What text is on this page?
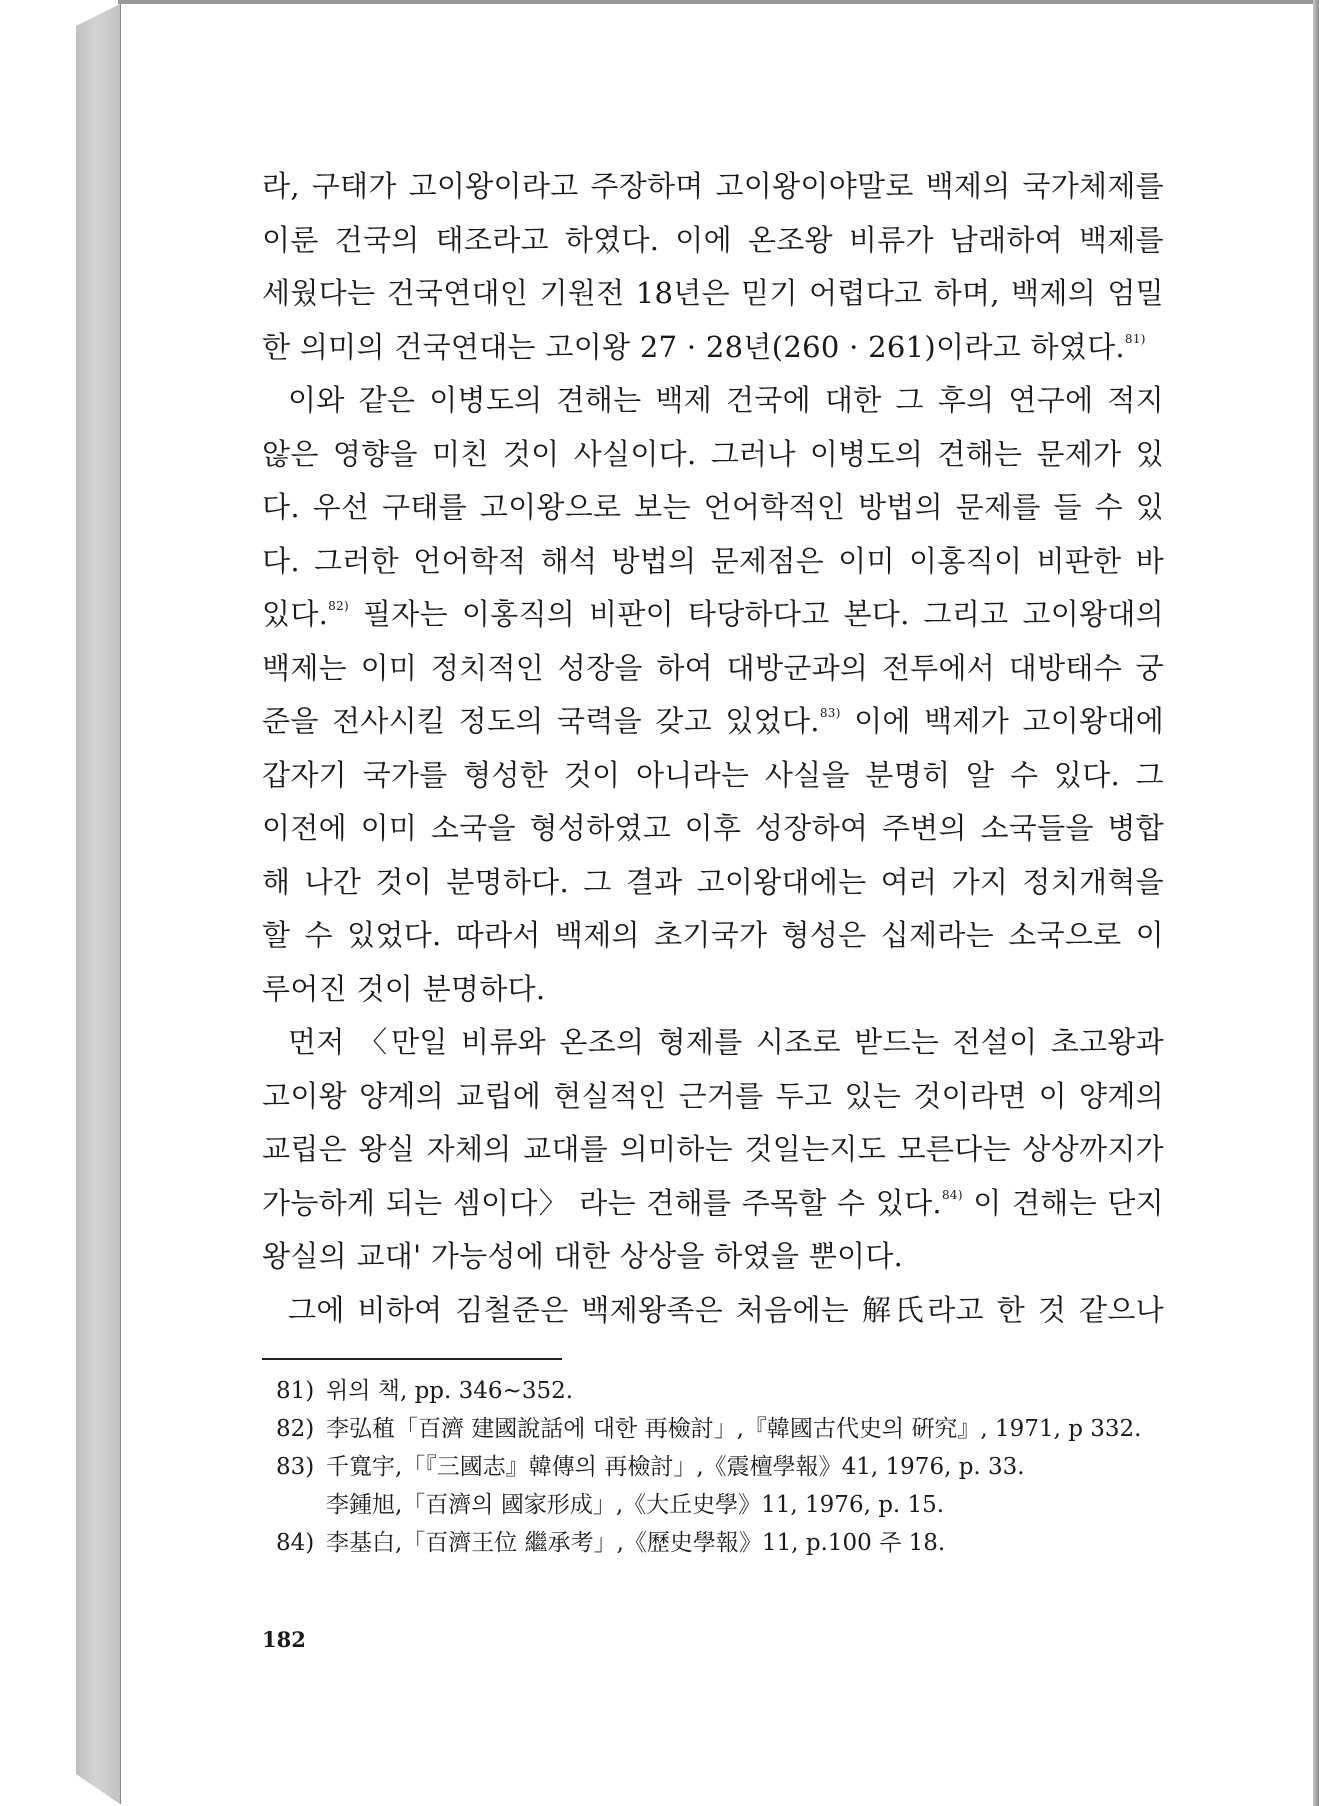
라, 구태가 고이왕이라고 주장하며 고이왕이야말로 백제의 국가체제를
이룬 건국의 태조라고 하였다. 이에 온조왕 비류가 남래하여 백제를
세웠다는 건국연대인 기원전 18년은 믿기 어렵다고 하며, 백제의 엄밀
한 의미의 건국연대는 고이왕 27 · 28년(260 · 261)이라고 하였다.$^{81)}$
이와 같은 이병도의 견해는 백제 건국에 대한 그 후의 연구에 적지
않은 영향을 미친 것이 사실이다. 그러나 이병도의 견해는 문제가 있
다. 우선 구태를 고이왕으로 보는 언어학적인 방법의 문제를 들 수 있
다. 그러한 언어학적 해석 방법의 문제점은 이미 이홍직이 비판한 바
있다.$^{82)}$ 필자는 이홍직의 비판이 타당하다고 본다. 그리고 고이왕대의
백제는 이미 정치적인 성장을 하여 대방군과의 전투에서 대방태수 궁
준을 전사시킬 정도의 국력을 갖고 있었다.$^{83)}$ 이에 백제가 고이왕대에
갑자기 국가를 형성한 것이 아니라는 사실을 분명히 알 수 있다. 그
이전에 이미 소국을 형성하였고 이후 성장하여 주변의 소국들을 병합
해 나간 것이 분명하다. 그 결과 고이왕대에는 여러 가지 정치개혁을
할 수 있었다. 따라서 백제의 초기국가 형성은 십제라는 소국으로 이
루어진 것이 분명하다.
먼저 〈만일 비류와 온조의 형제를 시조로 받드는 전설이 초고왕과
고이왕 양계의 교립에 현실적인 근거를 두고 있는 것이라면 이 양계의
교립은 왕실 자체의 교대를 의미하는 것일는지도 모른다는 상상까지가
가능하게 되는 셈이다〉 라는 견해를 주목할 수 있다.$^{84)}$ 이 견해는 단지
왕실의 교대' 가능성에 대한 상상을 하였을 뿐이다.
그에 비하여 김철준은 백제왕족은 처음에는 解氏라고 한 것 같으나
81) 위의 책, pp. 346~352.
82) 李弘稙「百濟 建國說話에 대한 再檢討」,『韓國古代史의 硏究』, 1971, p 332.
83) 千寬宇,「『三國志』韓傳의 再檢討」,《震檀學報》41, 1976, p. 33.
李鍾旭,「百濟의 國家形成」,《大丘史學》11, 1976, p. 15.
84) 李基白,「百濟王位 繼承考」,《歷史學報》11, p.100 주 18.
182
